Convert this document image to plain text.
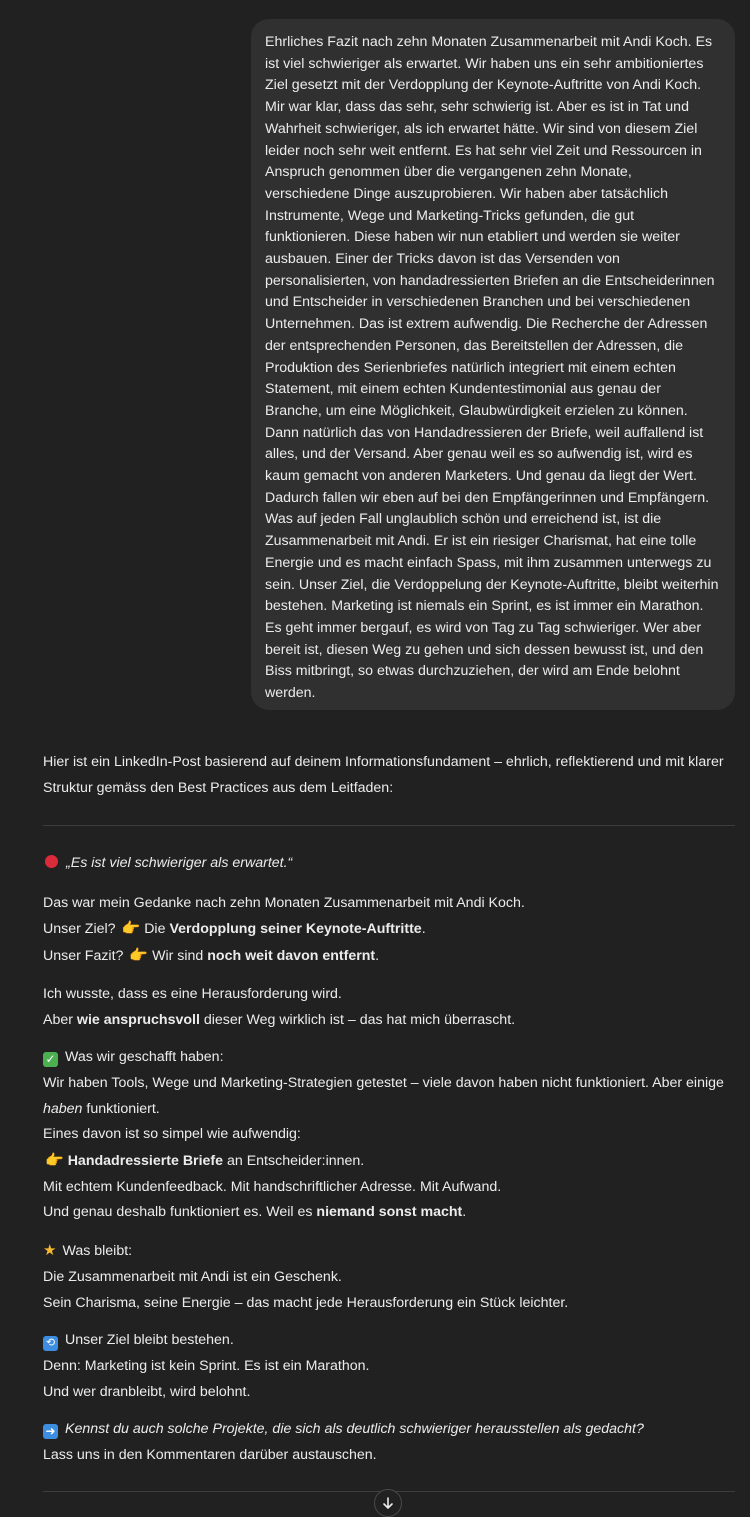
Ehrliches Fazit nach zehn Monaten Zusammenarbeit mit Andi Koch. Es ist viel schwieriger als erwartet. Wir haben uns ein sehr ambitioniertes Ziel gesetzt mit der Verdopplung der Keynote-Auftritte von Andi Koch. Mir war klar, dass das sehr, sehr schwierig ist. Aber es ist in Tat und Wahrheit schwieriger, als ich erwartet hätte. Wir sind von diesem Ziel leider noch sehr weit entfernt. Es hat sehr viel Zeit und Ressourcen in Anspruch genommen über die vergangenen zehn Monate, verschiedene Dinge auszuprobieren. Wir haben aber tatsächlich Instrumente, Wege und Marketing-Tricks gefunden, die gut funktionieren. Diese haben wir nun etabliert und werden sie weiter ausbauen. Einer der Tricks davon ist das Versenden von personalisierten, von handadressierten Briefen an die Entscheiderinnen und Entscheider in verschiedenen Branchen und bei verschiedenen Unternehmen. Das ist extrem aufwendig. Die Recherche der Adressen der entsprechenden Personen, das Bereitstellen der Adressen, die Produktion des Serienbriefes natürlich integriert mit einem echten Statement, mit einem echten Kundentestimonial aus genau der Branche, um eine Möglichkeit, Glaubwürdigkeit erzielen zu können. Dann natürlich das von Handadressieren der Briefe, weil auffallend ist alles, und der Versand. Aber genau weil es so aufwendig ist, wird es kaum gemacht von anderen Marketers. Und genau da liegt der Wert. Dadurch fallen wir eben auf bei den Empfängerinnen und Empfängern. Was auf jeden Fall unglaublich schön und erreichend ist, ist die Zusammenarbeit mit Andi. Er ist ein riesiger Charismat, hat eine tolle Energie und es macht einfach Spass, mit ihm zusammen unterwegs zu sein. Unser Ziel, die Verdoppelung der Keynote-Auftritte, bleibt weiterhin bestehen. Marketing ist niemals ein Sprint, es ist immer ein Marathon. Es geht immer bergauf, es wird von Tag zu Tag schwieriger. Wer aber bereit ist, diesen Weg zu gehen und sich dessen bewusst ist, und den Biss mitbringt, so etwas durchzuziehen, der wird am Ende belohnt werden.

Hier ist ein LinkedIn-Post basierend auf deinem Informationsfundament – ehrlich, reflektierend und mit klarer Struktur gemäss den Best Practices aus dem Leitfaden:

„Es ist viel schwieriger als erwartet.“

Das war mein Gedanke nach zehn Monaten Zusammenarbeit mit Andi Koch.
Unser Ziel? 👉 Die Verdopplung seiner Keynote-Auftritte.
Unser Fazit? 👉 Wir sind noch weit davon entfernt.

Ich wusste, dass es eine Herausforderung wird.
Aber wie anspruchsvoll dieser Weg wirklich ist – das hat mich überrascht.

✓ Was wir geschafft haben:
Wir haben Tools, Wege und Marketing-Strategien getestet – viele davon haben nicht funktioniert. Aber einige haben funktioniert.
Eines davon ist so simpel wie aufwendig:
👉 Handadressierte Briefe an Entscheider:innen.
Mit echtem Kundenfeedback. Mit handschriftlicher Adresse. Mit Aufwand.
Und genau deshalb funktioniert es. Weil es niemand sonst macht.

★ Was bleibt:
Die Zusammenarbeit mit Andi ist ein Geschenk.
Sein Charisma, seine Energie – das macht jede Herausforderung ein Stück leichter.

⟲ Unser Ziel bleibt bestehen.
Denn: Marketing ist kein Sprint. Es ist ein Marathon.
Und wer dranbleibt, wird belohnt.

➜ Kennst du auch solche Projekte, die sich als deutlich schwieriger herausstellen als gedacht?
Lass uns in den Kommentaren darüber austauschen.
